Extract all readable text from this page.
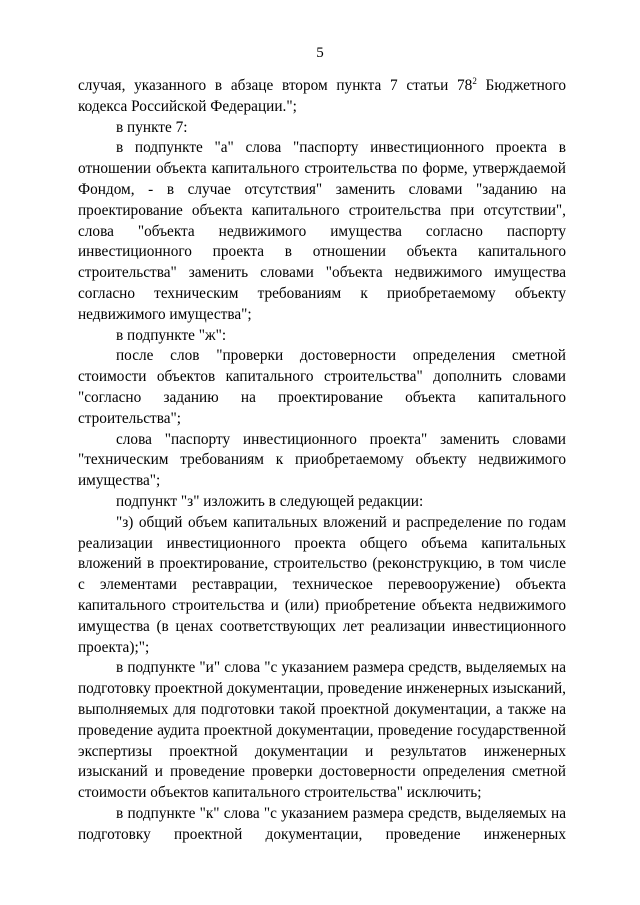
5

случая, указанного в абзаце втором пункта 7 статьи $78^2$ Бюджетного кодекса Российской Федерации.";

в пункте 7:

в подпункте "а" слова "паспорту инвестиционного проекта в отношении объекта капитального строительства по форме, утверждаемой Фондом, - в случае отсутствия" заменить словами "заданию на проектирование объекта капитального строительства при отсутствии", слова "объекта недвижимого имущества согласно паспорту инвестиционного проекта в отношении объекта капитального строительства" заменить словами "объекта недвижимого имущества согласно техническим требованиям к приобретаемому объекту недвижимого имущества";

в подпункте "ж":

после слов "проверки достоверности определения сметной стоимости объектов капитального строительства" дополнить словами "согласно заданию на проектирование объекта капитального строительства";

слова "паспорту инвестиционного проекта" заменить словами "техническим требованиям к приобретаемому объекту недвижимого имущества";

подпункт "з" изложить в следующей редакции:

"з) общий объем капитальных вложений и распределение по годам реализации инвестиционного проекта общего объема капитальных вложений в проектирование, строительство (реконструкцию, в том числе с элементами реставрации, техническое перевооружение) объекта капитального строительства и (или) приобретение объекта недвижимого имущества (в ценах соответствующих лет реализации инвестиционного проекта);";

в подпункте "и" слова "с указанием размера средств, выделяемых на подготовку проектной документации, проведение инженерных изысканий, выполняемых для подготовки такой проектной документации, а также на проведение аудита проектной документации, проведение государственной экспертизы проектной документации и результатов инженерных изысканий и проведение проверки достоверности определения сметной стоимости объектов капитального строительства" исключить;

в подпункте "к" слова "с указанием размера средств, выделяемых на подготовку проектной документации, проведение инженерных
